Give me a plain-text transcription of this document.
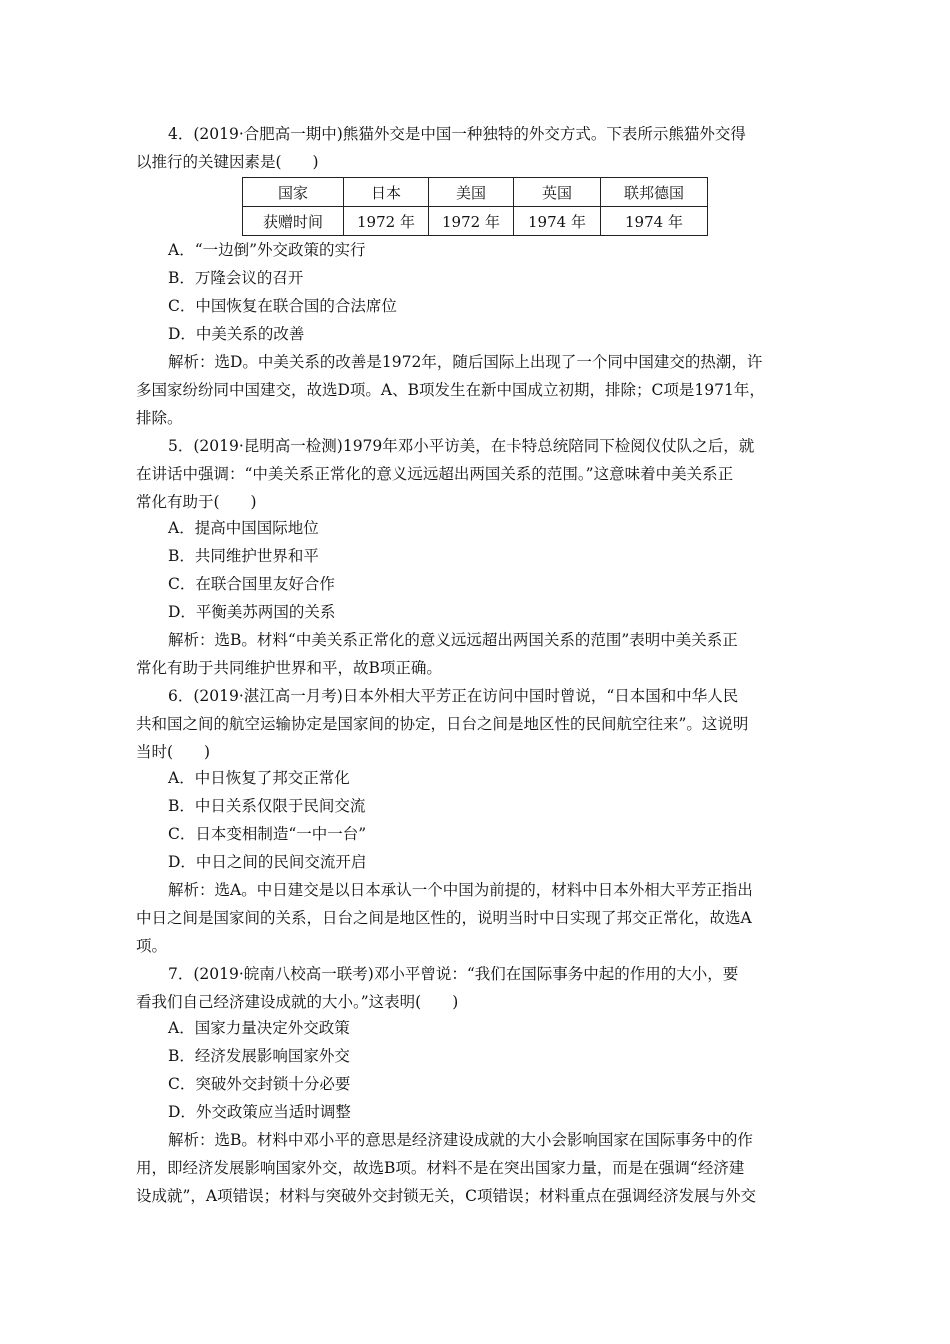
4．(2019·合肥高一期中)熊猫外交是中国一种独特的外交方式。下表所示熊猫外交得
以推行的关键因素是(　　)
国家	日本	美国	英国	联邦德国
获赠时间	1972 年	1972 年	1974 年	1974 年
A．“一边倒”外交政策的实行
B．万隆会议的召开
C．中国恢复在联合国的合法席位
D．中美关系的改善
解析：选D。中美关系的改善是1972年，随后国际上出现了一个同中国建交的热潮，许
多国家纷纷同中国建交，故选D项。A、B项发生在新中国成立初期，排除；C项是1971年，
排除。
5．(2019·昆明高一检测)1979年邓小平访美，在卡特总统陪同下检阅仪仗队之后，就
在讲话中强调：“中美关系正常化的意义远远超出两国关系的范围。”这意味着中美关系正
常化有助于(　　)
A．提高中国国际地位
B．共同维护世界和平
C．在联合国里友好合作
D．平衡美苏两国的关系
解析：选B。材料“中美关系正常化的意义远远超出两国关系的范围”表明中美关系正
常化有助于共同维护世界和平，故B项正确。
6．(2019·湛江高一月考)日本外相大平芳正在访问中国时曾说，“日本国和中华人民
共和国之间的航空运输协定是国家间的协定，日台之间是地区性的民间航空往来”。这说明
当时(　　)
A．中日恢复了邦交正常化
B．中日关系仅限于民间交流
C．日本变相制造“一中一台”
D．中日之间的民间交流开启
解析：选A。中日建交是以日本承认一个中国为前提的，材料中日本外相大平芳正指出
中日之间是国家间的关系，日台之间是地区性的，说明当时中日实现了邦交正常化，故选A
项。
7．(2019·皖南八校高一联考)邓小平曾说：“我们在国际事务中起的作用的大小，要
看我们自己经济建设成就的大小。”这表明(　　)
A．国家力量决定外交政策
B．经济发展影响国家外交
C．突破外交封锁十分必要
D．外交政策应当适时调整
解析：选B。材料中邓小平的意思是经济建设成就的大小会影响国家在国际事务中的作
用，即经济发展影响国家外交，故选B项。材料不是在突出国家力量，而是在强调“经济建
设成就”，A项错误；材料与突破外交封锁无关，C项错误；材料重点在强调经济发展与外交
